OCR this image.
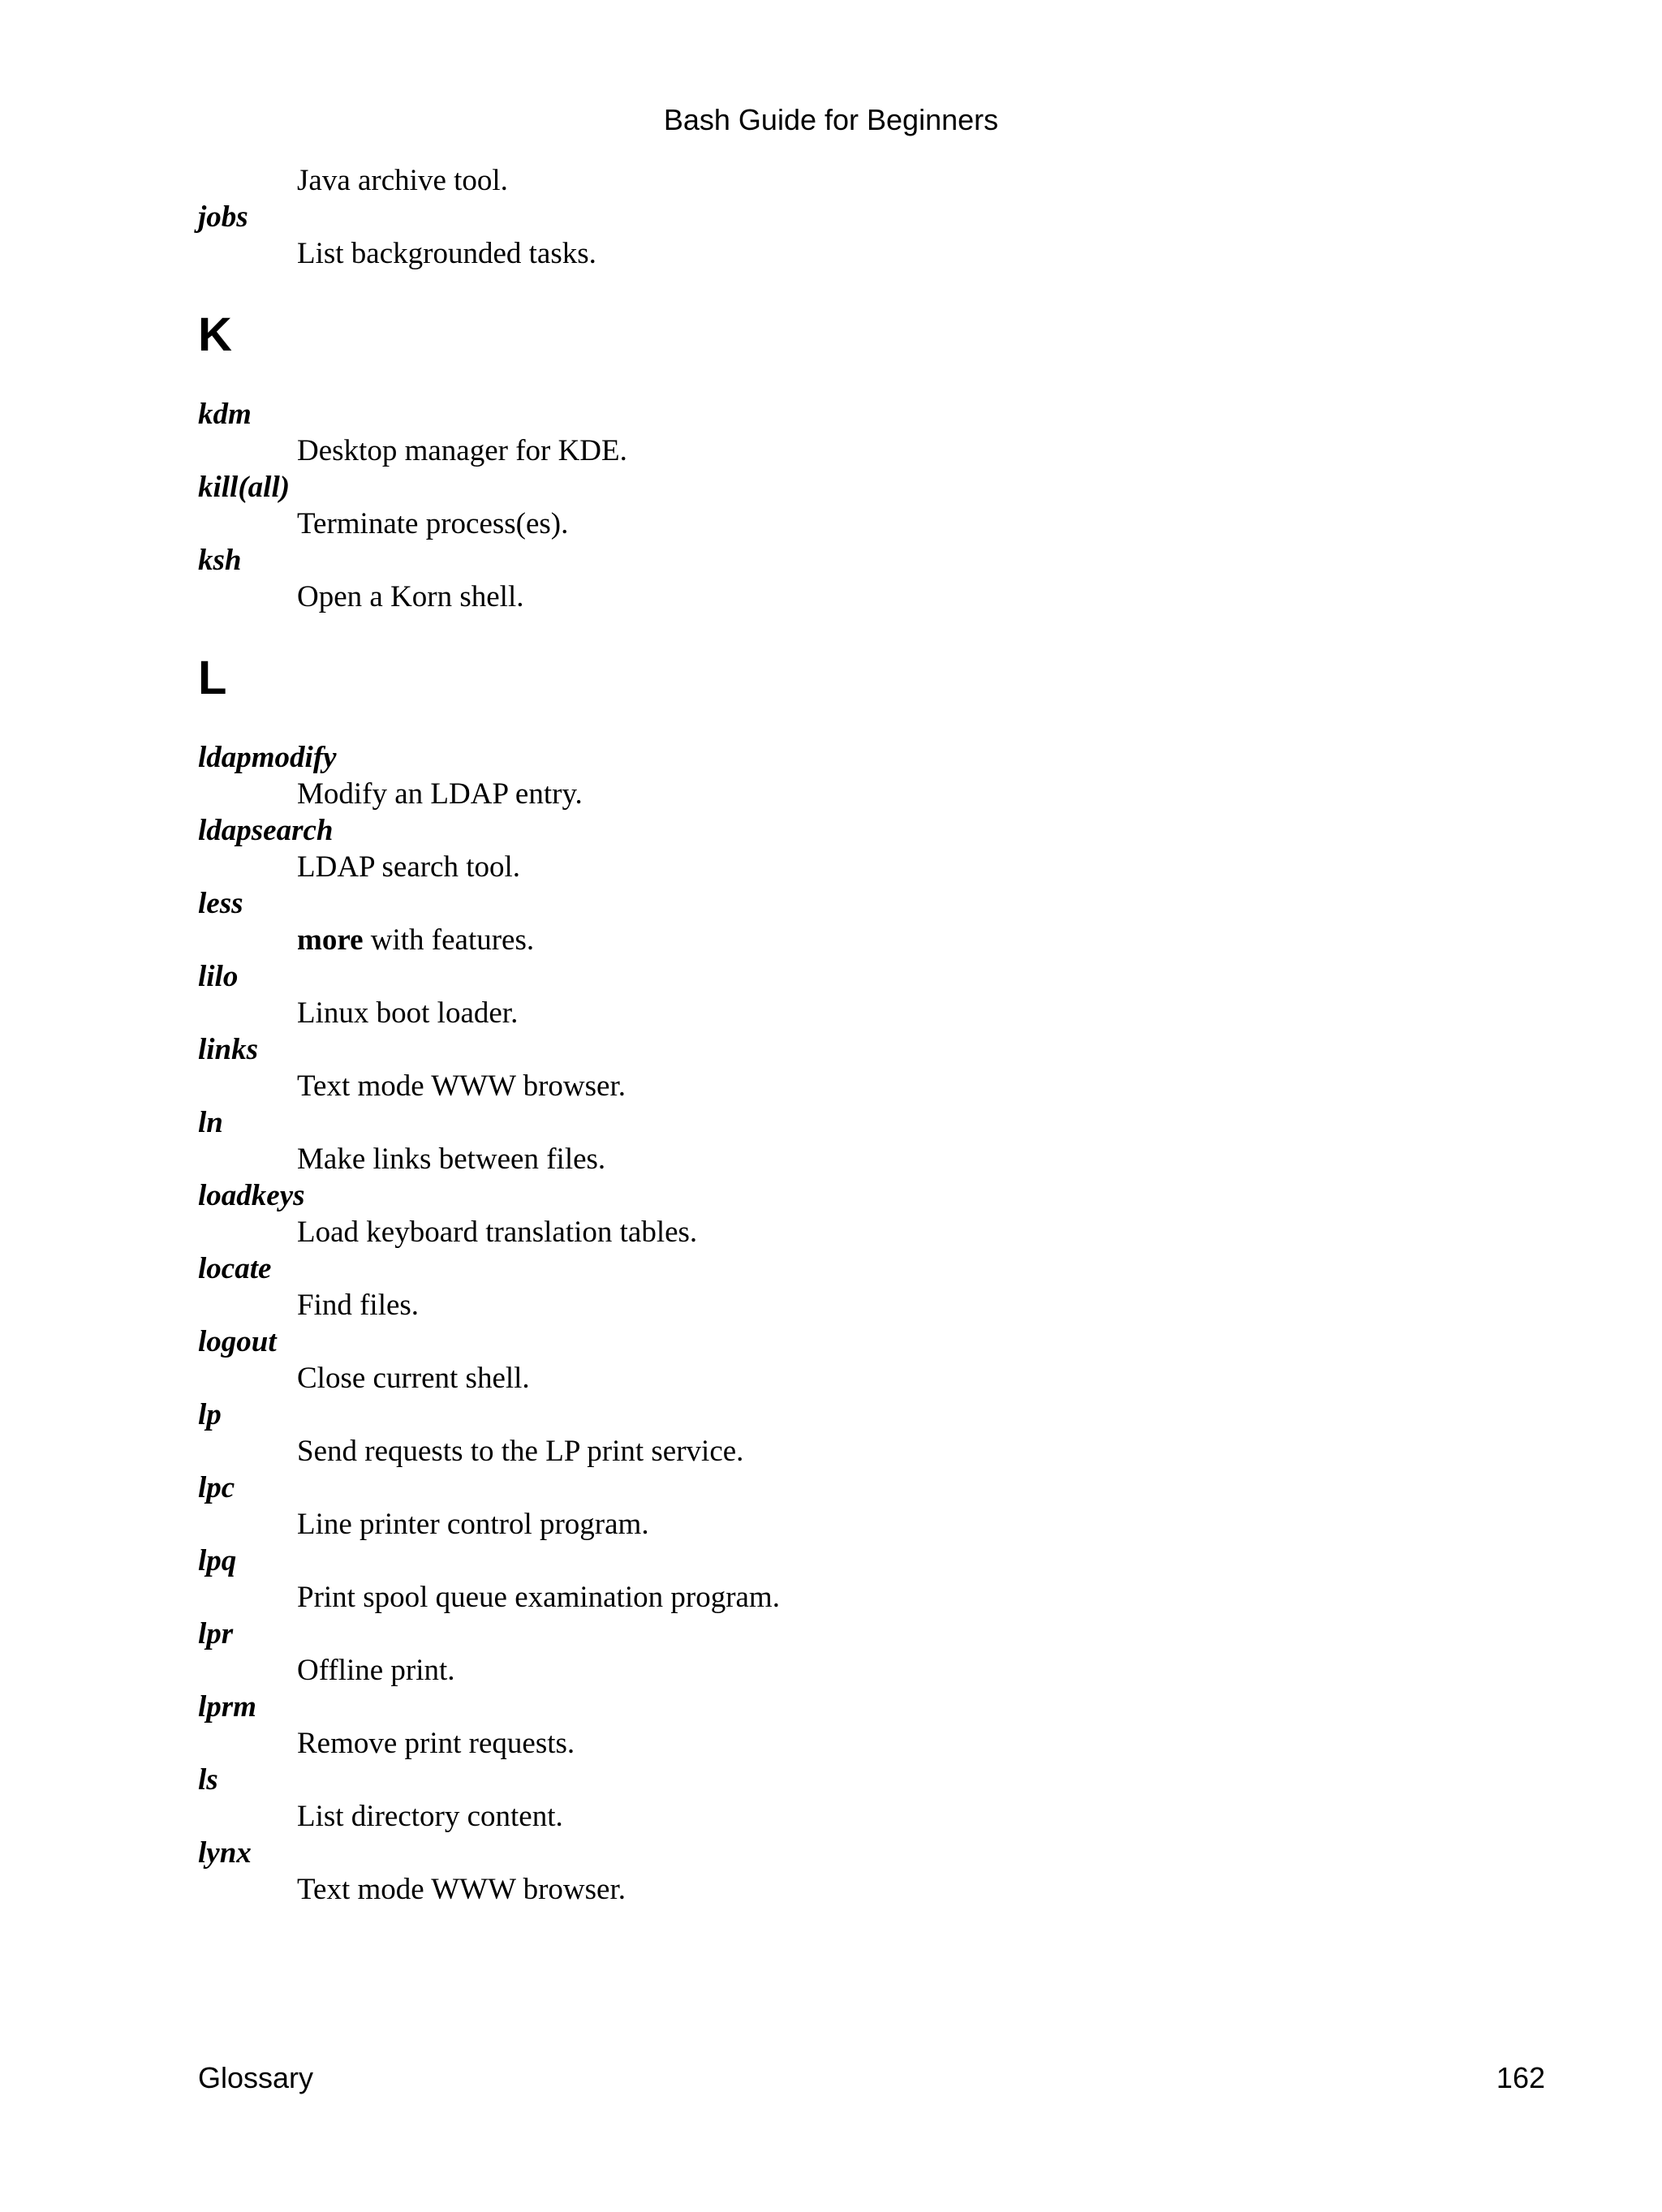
Bash Guide for Beginners
Java archive tool.
jobs
List backgrounded tasks.
K
kdm
Desktop manager for KDE.
kill(all)
Terminate process(es).
ksh
Open a Korn shell.
L
ldapmodify
Modify an LDAP entry.
ldapsearch
LDAP search tool.
less
more with features.
lilo
Linux boot loader.
links
Text mode WWW browser.
ln
Make links between files.
loadkeys
Load keyboard translation tables.
locate
Find files.
logout
Close current shell.
lp
Send requests to the LP print service.
lpc
Line printer control program.
lpq
Print spool queue examination program.
lpr
Offline print.
lprm
Remove print requests.
ls
List directory content.
lynx
Text mode WWW browser.
Glossary	162
